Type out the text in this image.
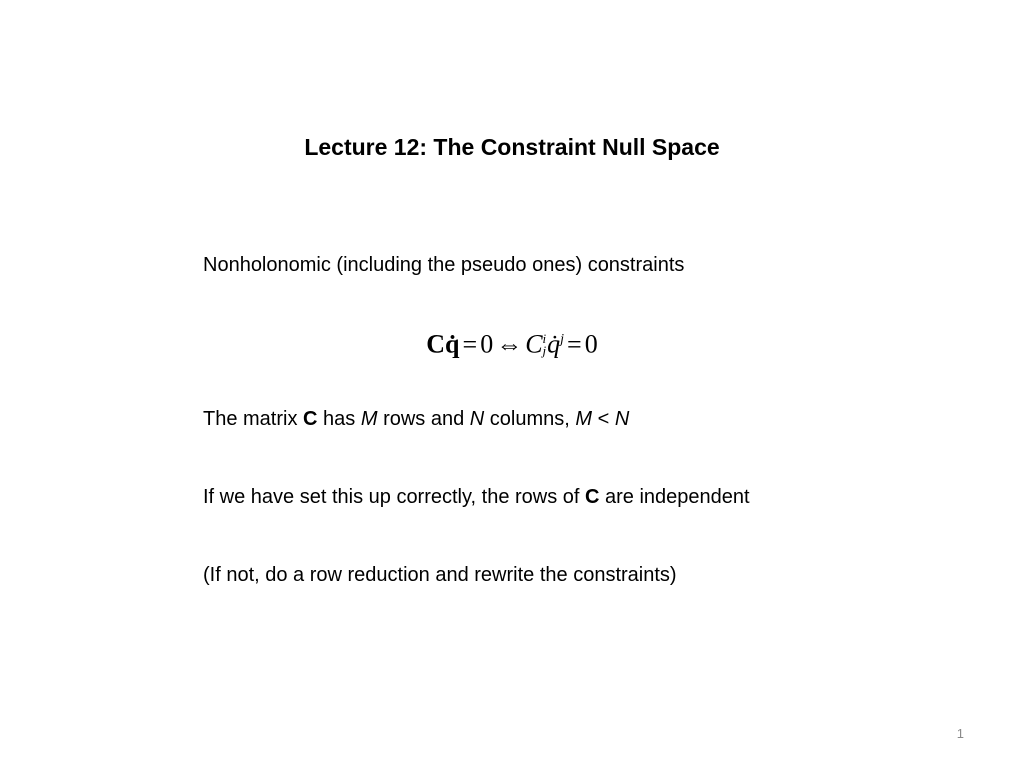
Lecture 12: The Constraint Null Space
Nonholonomic (including the pseudo ones) constraints
Cq̇ = 0 ⇔ C i
j q̇$^j$ = 0
The matrix C has M rows and N columns, M < N
If we have set this up correctly, the rows of C are independent
(If not, do a row reduction and rewrite the constraints)
1
